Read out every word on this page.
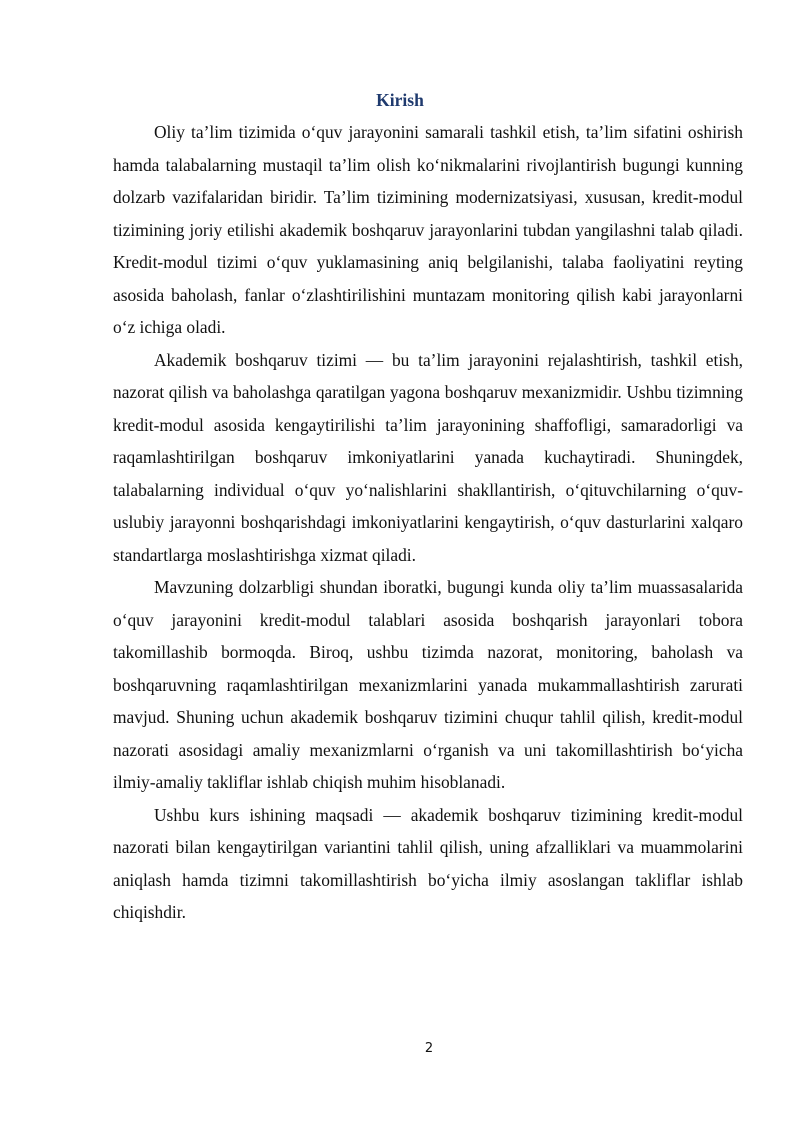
Kirish

Oliy ta’lim tizimida o‘quv jarayonini samarali tashkil etish, ta’lim sifatini oshirish hamda talabalarning mustaqil ta’lim olish ko‘nikmalarini rivojlantirish bugungi kunning dolzarb vazifalaridan biridir. Ta’lim tizimining modernizatsiyasi, xususan, kredit-modul tizimining joriy etilishi akademik boshqaruv jarayonlarini tubdan yangilashni talab qiladi. Kredit-modul tizimi o‘quv yuklamasining aniq belgilanishi, talaba faoliyatini reyting asosida baholash, fanlar o‘zlashtirilishini muntazam monitoring qilish kabi jarayonlarni o‘z ichiga oladi.

Akademik boshqaruv tizimi — bu ta’lim jarayonini rejalashtirish, tashkil etish, nazorat qilish va baholashga qaratilgan yagona boshqaruv mexanizmidir. Ushbu tizimning kredit-modul asosida kengaytirilishi ta’lim jarayonining shaffofligi, samaradorligi va raqamlashtirilgan boshqaruv imkoniyatlarini yanada kuchaytiradi. Shuningdek, talabalarning individual o‘quv yo‘nalishlarini shakllantirish, o‘qituvchilarning o‘quv-uslubiy jarayonni boshqarishdagi imkoniyatlarini kengaytirish, o‘quv dasturlarini xalqaro standartlarga moslashtirishga xizmat qiladi.

Mavzuning dolzarbligi shundan iboratki, bugungi kunda oliy ta’lim muassasalarida o‘quv jarayonini kredit-modul talablari asosida boshqarish jarayonlari tobora takomillashib bormoqda. Biroq, ushbu tizimda nazorat, monitoring, baholash va boshqaruvning raqamlashtirilgan mexanizmlarini yanada mukammallashtirish zarurati mavjud. Shuning uchun akademik boshqaruv tizimini chuqur tahlil qilish, kredit-modul nazorati asosidagi amaliy mexanizmlarni o‘rganish va uni takomillashtirish bo‘yicha ilmiy-amaliy takliflar ishlab chiqish muhim hisoblanadi.

Ushbu kurs ishining maqsadi — akademik boshqaruv tizimining kredit-modul nazorati bilan kengaytirilgan variantini tahlil qilish, uning afzalliklari va muammolarini aniqlash hamda tizimni takomillashtirish bo‘yicha ilmiy asoslangan takliflar ishlab chiqishdir.

2
